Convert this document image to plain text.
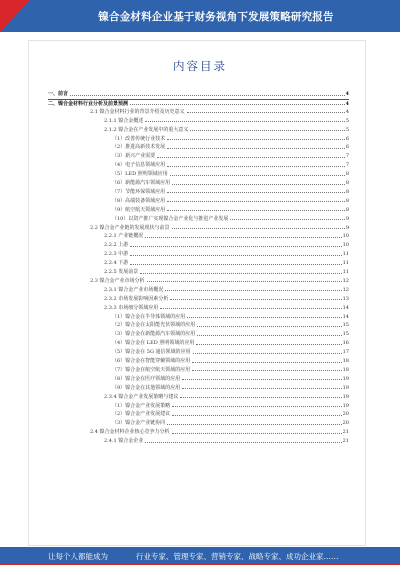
镍合金材料企业基于财务视角下发展策略研究报告
内容目录
一、前言	4
二、镍合金材料行业分析及前景预测	4
2.1 镍合金材料行业的背景介绍及历史意义	4
2.1.1 镍合金概述	5
2.1.2 镍合金在产业发展中的重大意义	5
（1）改善传统行业技术	6
（2）推进高新技术发展	6
（3）新兴产业需要	7
（4）电子信息领域应用	7
（5）LED 照明领域应用	8
（6）新能源汽车领域应用	8
（7）节能环保领域应用	8
（8）高端装备领域应用	8
（9）航空航天领域应用	8
（10）以资产推广实现镍合金产业化与推进产业发展	9
2.2 镍合金产业链的发展现状与前景	9
2.2.1 产业链概况	10
2.2.2 上游	10
2.2.3 中游	11
2.2.4 下游	11
2.2.5 发展前景	11
2.3 镍合金产业市场分析	12
2.3.1 镍合金产业市场概况	12
2.3.2 市场发展影响因素分析	13
2.3.3 市场细分领域应用	14
（1）镍合金在半导体领域的应用	14
（2）镍合金在太阳能光伏领域的应用	15
（3）镍合金在新能源汽车领域的应用	15
（4）镍合金在 LED 照明领域的应用	16
（5）镍合金在 5G 通信领域的应用	17
（6）镍合金在智能穿戴领域的应用	18
（7）镍合金在航空航天领域的应用	18
（8）镍合金在医疗领域的应用	19
（9）镍合金在其他领域的应用	19
2.3.4 镍合金产业发展策略与建议	19
（1）镍合金产业发展策略	19
（2）镍合金产业发展建议	20
（3）镍合金产业链协同	20
2.4 镍合金材料企业核心竞争力分析	21
2.4.1 镍合金企业	21
让每个人都能成为	行业专家、管理专家、营销专家、战略专家、成功企业家……
